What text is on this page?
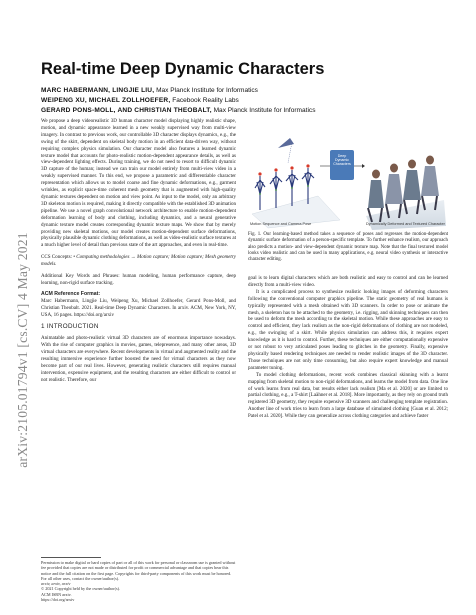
arXiv:2105.01794v1 [cs.CV] 4 May 2021
Real-time Deep Dynamic Characters
MARC HABERMANN, LINGJIE LIU, Max Planck Institute for Informatics
WEIPENG XU, MICHAEL ZOLLHOEFER, Facebook Reality Labs
GERARD PONS-MOLL, AND CHRISTIAN THEOBALT, Max Planck Institute for Informatics

We propose a deep videorealistic 3D human character model displaying highly realistic shape, motion, and dynamic appearance learned in a new weakly supervised way from multi-view imagery. In contrast to previous work, our controllable 3D character displays dynamics, e.g., the swing of the skirt, dependent on skeletal body motion in an efficient data-driven way, without requiring complex physics simulation. Our character model also features a learned dynamic texture model that accounts for photo-realistic motion-dependent appearance details, as well as view-dependent lighting effects. During training, we do not need to resort to difficult dynamic 3D capture of the human; instead we can train our model entirely from multi-view video in a weakly supervised manner. To this end, we propose a parametric and differentiable character representation which allows us to model coarse and fine dynamic deformations, e.g., garment wrinkles, as explicit space-time coherent mesh geometry that is augmented with high-quality dynamic textures dependent on motion and view point. As input to the model, only an arbitrary 3D skeleton motion is required, making it directly compatible with the established 3D animation pipeline. We use a novel graph convolutional network architecture to enable motion-dependent deformation learning of body and clothing, including dynamics, and a neural generative dynamic texture model creates corresponding dynamic texture maps. We show that by merely providing new skeletal motions, our model creates motion-dependent surface deformations, physically plausible dynamic clothing deformations, as well as video-realistic surface textures at a much higher level of detail than previous state of the art approaches, and even in real-time.

CCS Concepts: • Computing methodologies → Motion capture; Motion capture; Mesh geometry models.

Additional Key Words and Phrases: human modeling, human performance capture, deep learning, non-rigid surface tracking.

ACM Reference Format:

Marc Habermann, Lingjie Liu, Weipeng Xu, Michael Zollhoefer, Gerard Pons-Moll, and Christian Theobalt. 2021. Real-time Deep Dynamic Characters. In arxiv. ACM, New York, NY, USA, 16 pages. https://doi.org/arxiv

1 INTRODUCTION

Animatable and photo-realistic virtual 3D characters are of enormous importance nowadays. With the rise of computer graphics in movies, games, telepresence, and many other areas, 3D virtual characters are everywhere. Recent developments in virtual and augmented reality and the resulting immersive experience further boosted the need for virtual characters as they now become part of our real lives. However, generating realistic characters still requires manual intervention, expensive equipment, and the resulting characters are either difficult to control or not realistic. Therefore, our

Permission to make digital or hard copies of part or all of this work for personal or classroom use is granted without fee provided that copies are not made or distributed for profit or commercial advantage and that copies bear this notice and the full citation on the first page. Copyrights for third-party components of this work must be honored. For all other uses, contact the owner/author(s).
arxiv, arxiv, arxiv
© 2021 Copyright held by the owner/author(s).
ACM ISBN arxiv.
https://doi.org/arxiv
Deep Dynamic Characters
Motion Sequence and Camera Pose	Dynamically Deformed and Textured Character
Fig. 1. Our learning-based method takes a sequence of poses and regresses the motion-dependent dynamic surface deformation of a person-specific template. To further enhance realism, our approach also predicts a motion- and view-dependent dynamic texture map. Note that the final textured model looks video realistic and can be used in many applications, e.g. neural video synthesis or interactive character editing.

goal is to learn digital characters which are both realistic and easy to control and can be learned directly from a multi-view video.

It is a complicated process to synthesize realistic looking images of deforming characters following the conventional computer graphics pipeline. The static geometry of real humans is typically represented with a mesh obtained with 3D scanners. In order to pose or animate the mesh, a skeleton has to be attached to the geometry, i.e. rigging, and skinning techniques can then be used to deform the mesh according to the skeletal motion. While these approaches are easy to control and efficient, they lack realism as the non-rigid deformations of clothing are not modeled, e.g., the swinging of a skirt. While physics simulation can address this, it requires expert knowledge as it is hard to control. Further, these techniques are either computationally expensive or not robust to very articulated poses leading to glitches in the geometry. Finally, expensive physically based rendering techniques are needed to render realistic images of the 3D character. Those techniques are not only time consuming, but also require expert knowledge and manual parameter tuning.

To model clothing deformations, recent work combines classical skinning with a learnt mapping from skeletal motion to non-rigid deformations, and learns the model from data. One line of work learns from real data, but results either lack realism [Ma et al. 2020] or are limited to partial clothing, e.g., a T-shirt [Laähner et al. 2018]. More importantly, as they rely on ground truth registered 3D geometry, they require expensive 3D scanners and challenging template registration. Another line of work tries to learn from a large database of simulated clothing [Guan et al. 2012; Patel et al. 2020]. While they can generalize across clothing categories and achieve faster
